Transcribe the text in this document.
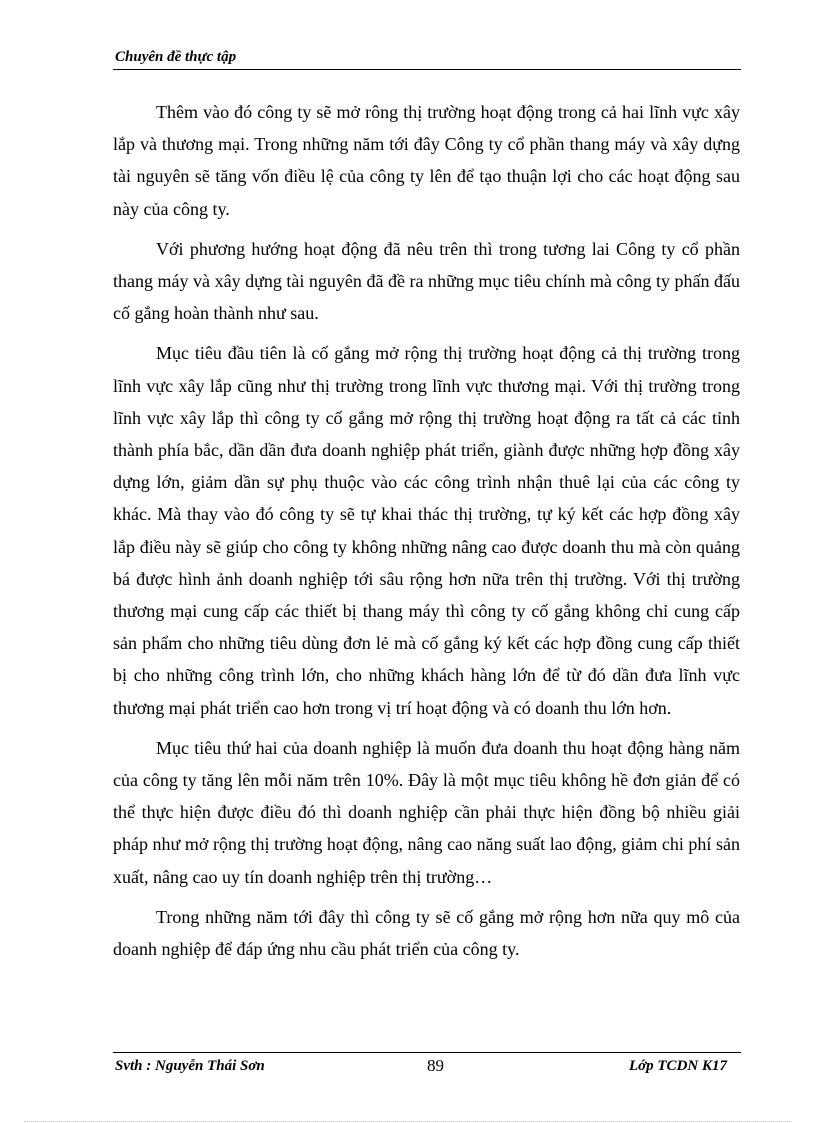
Chuyên đề thực tập

Thêm vào đó công ty sẽ mở rông thị trường hoạt động trong cả hai lĩnh vực xây lắp và thương mại. Trong những năm tới đây Công ty cổ phần thang máy và xây dựng tài nguyên sẽ tăng vốn điều lệ của công ty lên để tạo thuận lợi cho các hoạt động sau này của công ty.

Với phương hướng hoạt động đã nêu trên thì trong tương lai Công ty cổ phần thang máy và xây dựng tài nguyên đã đề ra những mục tiêu chính mà công ty phấn đấu cố gắng hoàn thành như sau.

Mục tiêu đầu tiên là cố gắng mở rộng thị trường hoạt động cả thị trường trong lĩnh vực xây lắp cũng như thị trường trong lĩnh vực thương mại. Với thị trường trong lĩnh vực xây lắp thì công ty cố gắng mở rộng thị trường hoạt động ra tất cả các tỉnh thành phía bắc, dần dần đưa doanh nghiệp phát triển, giành được những hợp đồng xây dựng lớn, giảm dần sự phụ thuộc vào các công trình nhận thuê lại của các công ty khác. Mà thay vào đó công ty sẽ tự khai thác thị trường, tự ký kết các hợp đồng xây lắp điều này sẽ giúp cho công ty không những nâng cao được doanh thu mà còn quảng bá được hình ảnh doanh nghiệp tới sâu rộng hơn nữa trên thị trường. Với thị trường thương mại cung cấp các thiết bị thang máy thì công ty cố gắng không chỉ cung cấp sản phẩm cho những tiêu dùng đơn lẻ mà cố gắng ký kết các hợp đồng cung cấp thiết bị cho những công trình lớn, cho những khách hàng lớn để từ đó dần đưa lĩnh vực thương mại phát triển cao hơn trong vị trí hoạt động và có doanh thu lớn hơn.

Mục tiêu thứ hai của doanh nghiệp là muốn đưa doanh thu hoạt động hàng năm của công ty tăng lên mỗi năm trên 10%. Đây là một mục tiêu không hề đơn giản để có thể thực hiện được điều đó thì doanh nghiệp cần phải thực hiện đồng bộ nhiều giải pháp như mở rộng thị trường hoạt động, nâng cao năng suất lao động, giảm chi phí sản xuất, nâng cao uy tín doanh nghiệp trên thị trường…

Trong những năm tới đây thì công ty sẽ cố gắng mở rộng hơn nữa quy mô của doanh nghiệp để đáp ứng nhu cầu phát triển của công ty.

Svth : Nguyễn Thái Sơn	89	Lớp TCDN K17
